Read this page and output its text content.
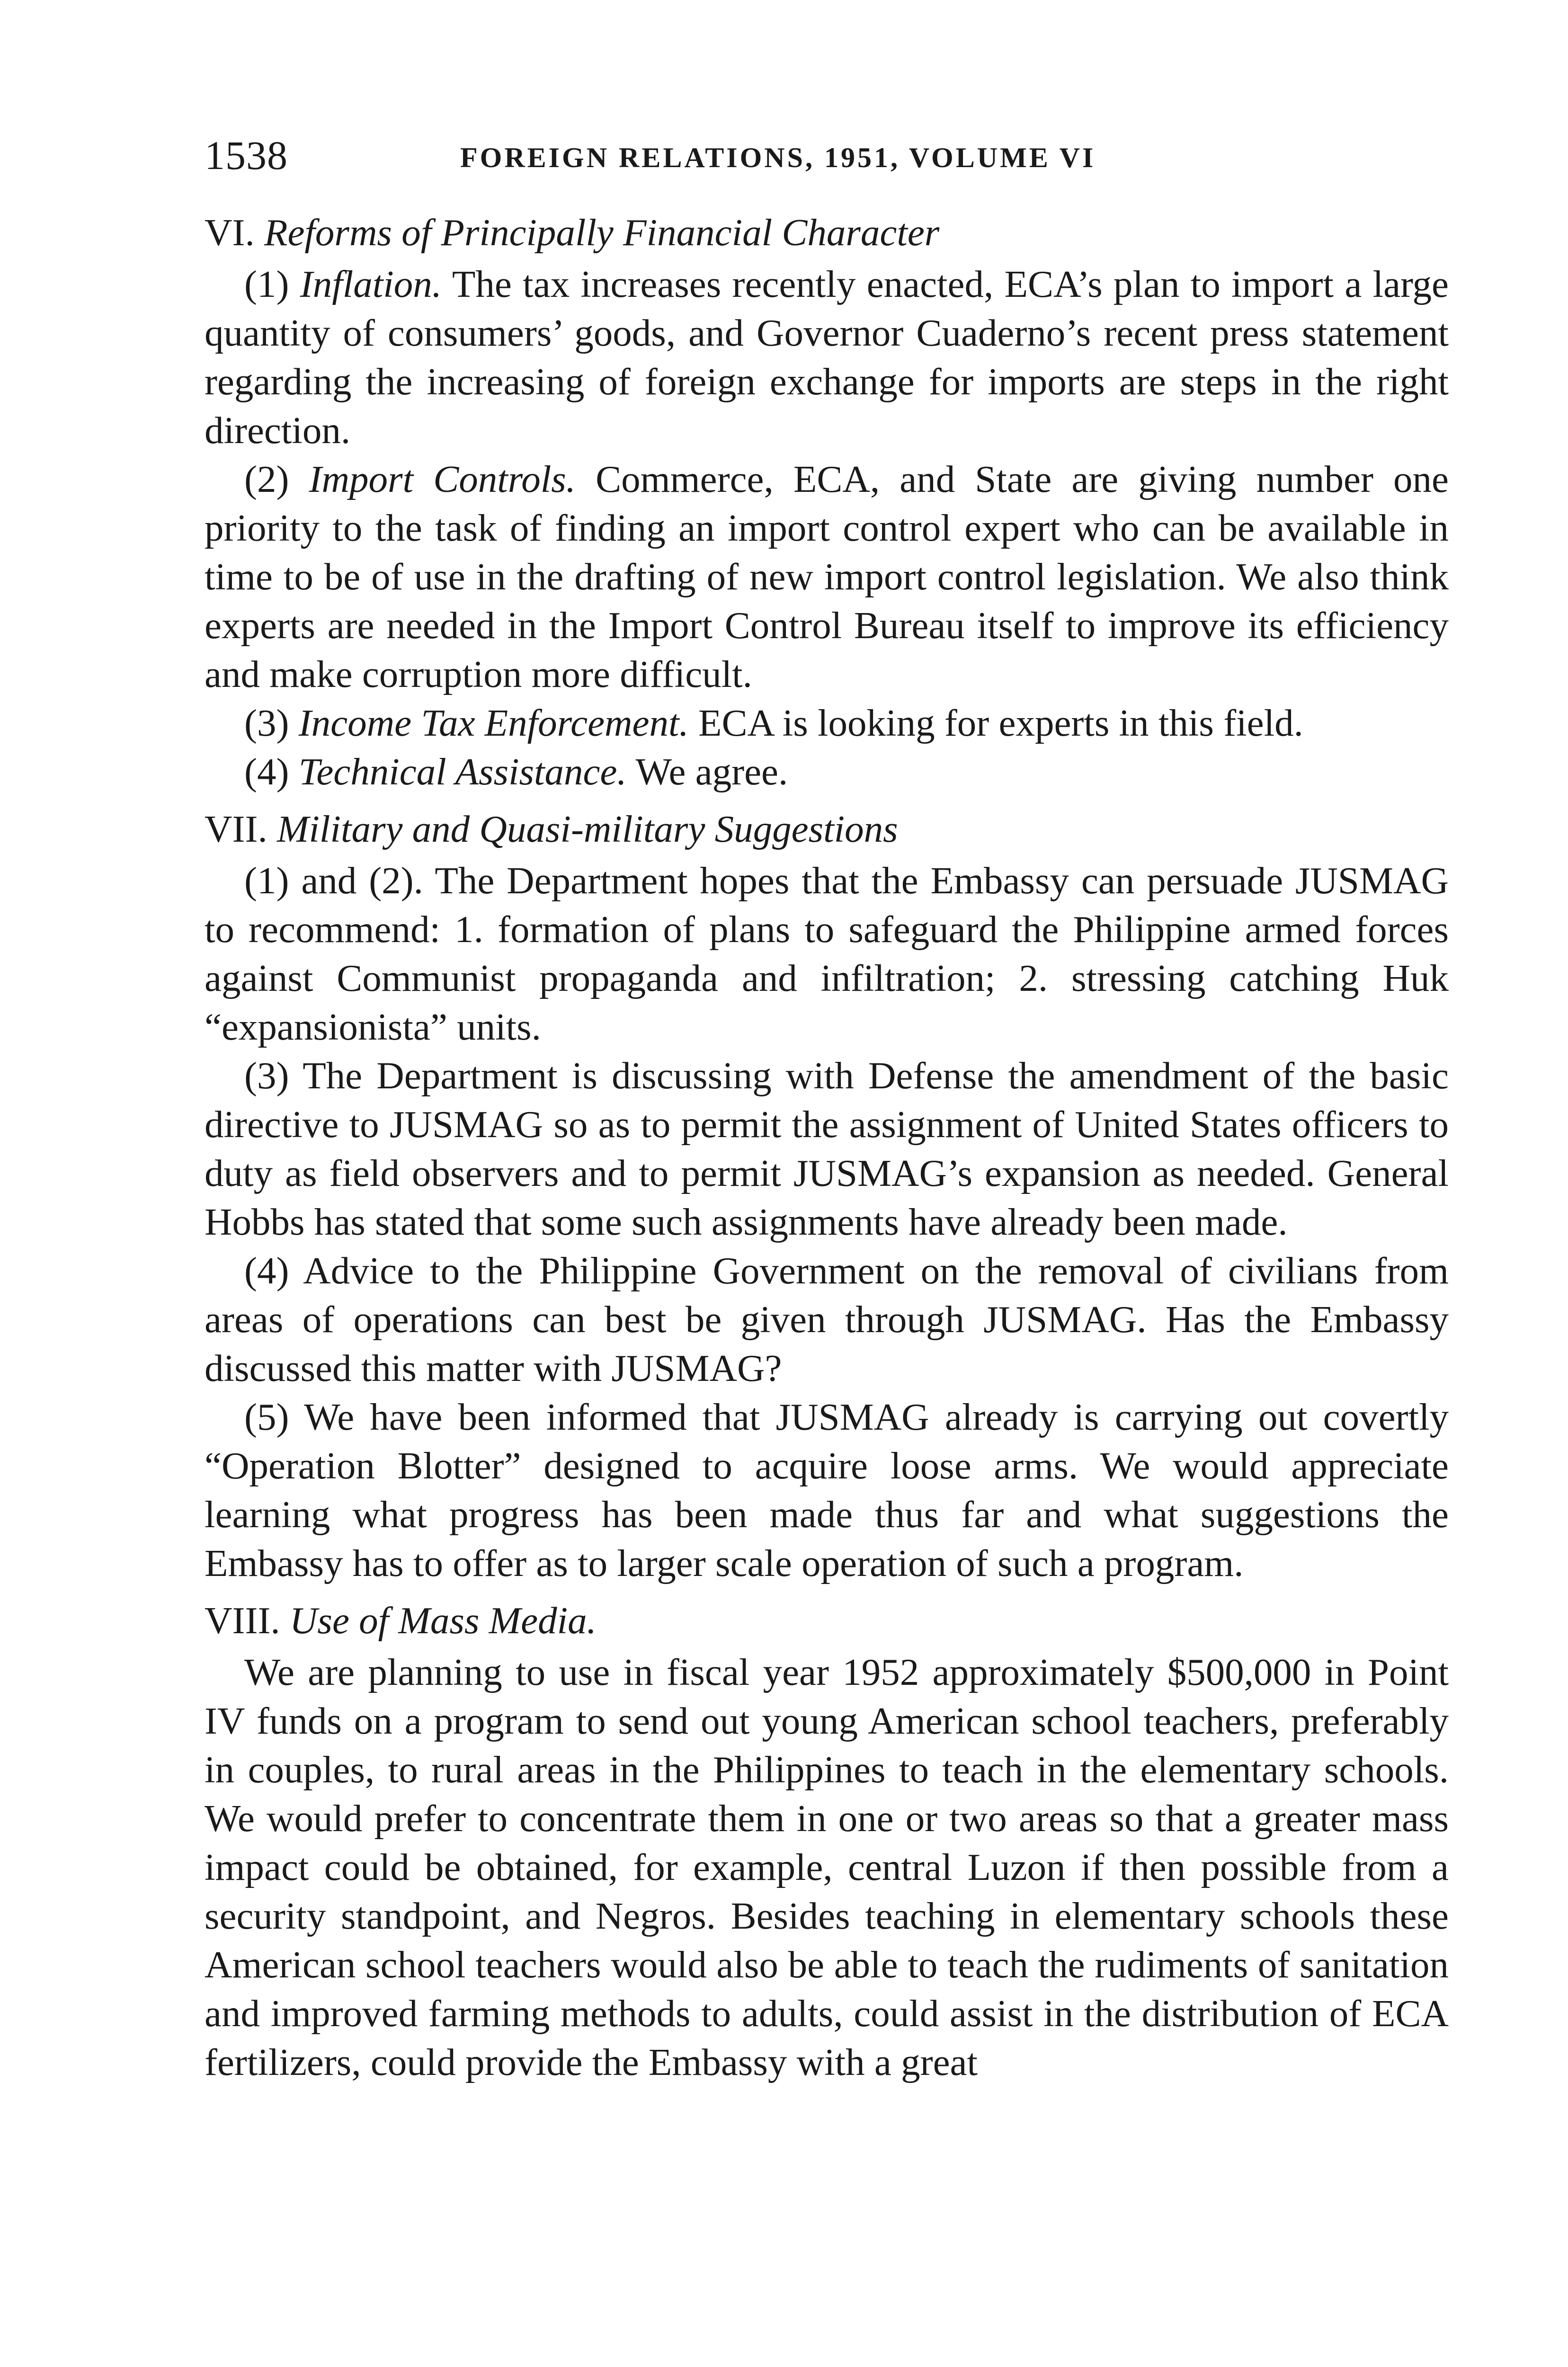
1538	FOREIGN RELATIONS, 1951, VOLUME VI
VI. Reforms of Principally Financial Character

(1) Inflation. The tax increases recently enacted, ECA’s plan to import a large quantity of consumers’ goods, and Governor Cuaderno’s recent press statement regarding the increasing of foreign exchange for imports are steps in the right direction.

(2) Import Controls. Commerce, ECA, and State are giving number one priority to the task of finding an import control expert who can be available in time to be of use in the drafting of new import control legislation. We also think experts are needed in the Import Control Bureau itself to improve its efficiency and make corruption more difficult.

(3) Income Tax Enforcement. ECA is looking for experts in this field.

(4) Technical Assistance. We agree.

VII. Military and Quasi-military Suggestions

(1) and (2). The Department hopes that the Embassy can persuade JUSMAG to recommend: 1. formation of plans to safeguard the Philippine armed forces against Communist propaganda and infiltration; 2. stressing catching Huk “expansionista” units.

(3) The Department is discussing with Defense the amendment of the basic directive to JUSMAG so as to permit the assignment of United States officers to duty as field observers and to permit JUSMAG’s expansion as needed. General Hobbs has stated that some such assignments have already been made.

(4) Advice to the Philippine Government on the removal of civilians from areas of operations can best be given through JUSMAG. Has the Embassy discussed this matter with JUSMAG?

(5) We have been informed that JUSMAG already is carrying out covertly “Operation Blotter” designed to acquire loose arms. We would appreciate learning what progress has been made thus far and what suggestions the Embassy has to offer as to larger scale operation of such a program.

VIII. Use of Mass Media.

We are planning to use in fiscal year 1952 approximately $500,000 in Point IV funds on a program to send out young American school teachers, preferably in couples, to rural areas in the Philippines to teach in the elementary schools. We would prefer to concentrate them in one or two areas so that a greater mass impact could be obtained, for example, central Luzon if then possible from a security standpoint, and Negros. Besides teaching in elementary schools these American school teachers would also be able to teach the rudiments of sanitation and improved farming methods to adults, could assist in the distribution of ECA fertilizers, could provide the Embassy with a great
